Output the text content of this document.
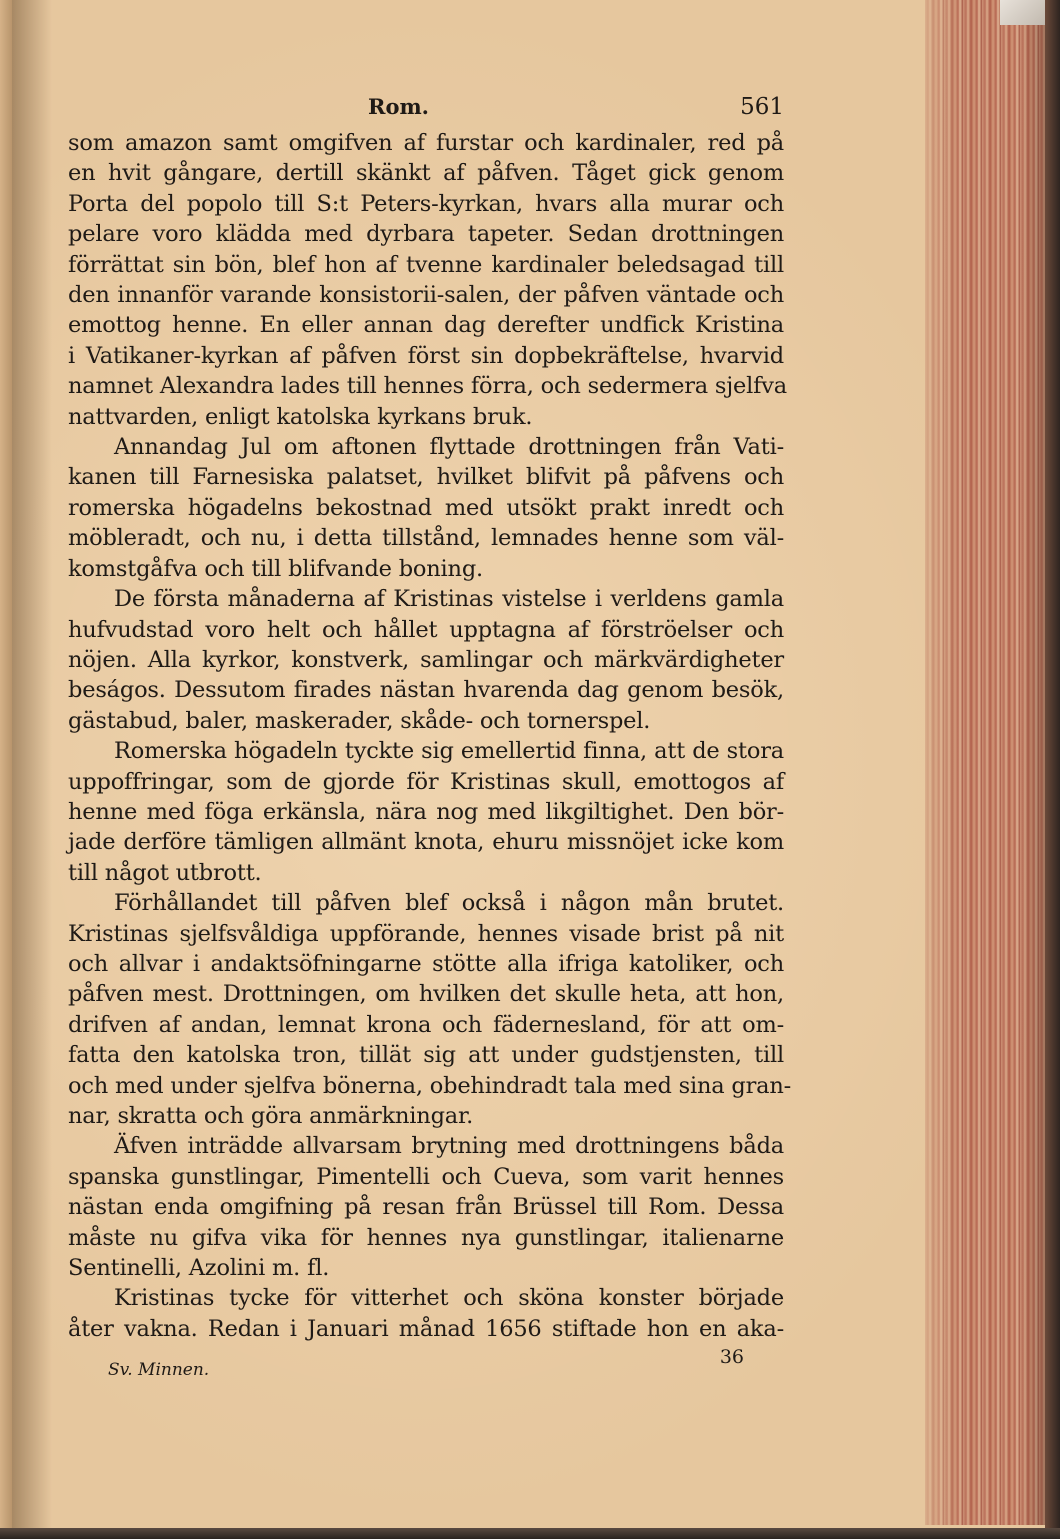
Rom.	561

som amazon samt omgifven af furstar och kardinaler, red på
en hvit gångare, dertill skänkt af påfven. Tåget gick genom
Porta del popolo till S:t Peters-kyrkan, hvars alla murar och
pelare voro klädda med dyrbara tapeter. Sedan drottningen
förrättat sin bön, blef hon af tvenne kardinaler beledsagad till
den innanför varande konsistorii-salen, der påfven väntade och
emottog henne. En eller annan dag derefter undfick Kristina
i Vatikaner-kyrkan af påfven först sin dopbekräftelse, hvarvid
namnet Alexandra lades till hennes förra, och sedermera sjelfva
nattvarden, enligt katolska kyrkans bruk.

Annandag Jul om aftonen flyttade drottningen från Vati-
kanen till Farnesiska palatset, hvilket blifvit på påfvens och
romerska högadelns bekostnad med utsökt prakt inredt och
möbleradt, och nu, i detta tillstånd, lemnades henne som väl-
komstgåfva och till blifvande boning.

De första månaderna af Kristinas vistelse i verldens gamla
hufvudstad voro helt och hållet upptagna af förströelser och
nöjen. Alla kyrkor, konstverk, samlingar och märkvärdigheter
beságos. Dessutom firades nästan hvarenda dag genom besök,
gästabud, baler, maskerader, skåde- och tornerspel.

Romerska högadeln tyckte sig emellertid finna, att de stora
uppoffringar, som de gjorde för Kristinas skull, emottogos af
henne med föga erkänsla, nära nog med likgiltighet. Den bör-
jade derföre tämligen allmänt knota, ehuru missnöjet icke kom
till något utbrott.

Förhållandet till påfven blef också i någon mån brutet.
Kristinas sjelfsvåldiga uppförande, hennes visade brist på nit
och allvar i andaktsöfningarne stötte alla ifriga katoliker, och
påfven mest. Drottningen, om hvilken det skulle heta, att hon,
drifven af andan, lemnat krona och fädernesland, för att om-
fatta den katolska tron, tillät sig att under gudstjensten, till
och med under sjelfva bönerna, obehindradt tala med sina gran-
nar, skratta och göra anmärkningar.

Äfven inträdde allvarsam brytning med drottningens båda
spanska gunstlingar, Pimentelli och Cueva, som varit hennes
nästan enda omgifning på resan från Brüssel till Rom. Dessa
måste nu gifva vika för hennes nya gunstlingar, italienarne
Sentinelli, Azolini m. fl.

Kristinas tycke för vitterhet och sköna konster började
åter vakna. Redan i Januari månad 1656 stiftade hon en aka-

Sv. Minnen.
36
